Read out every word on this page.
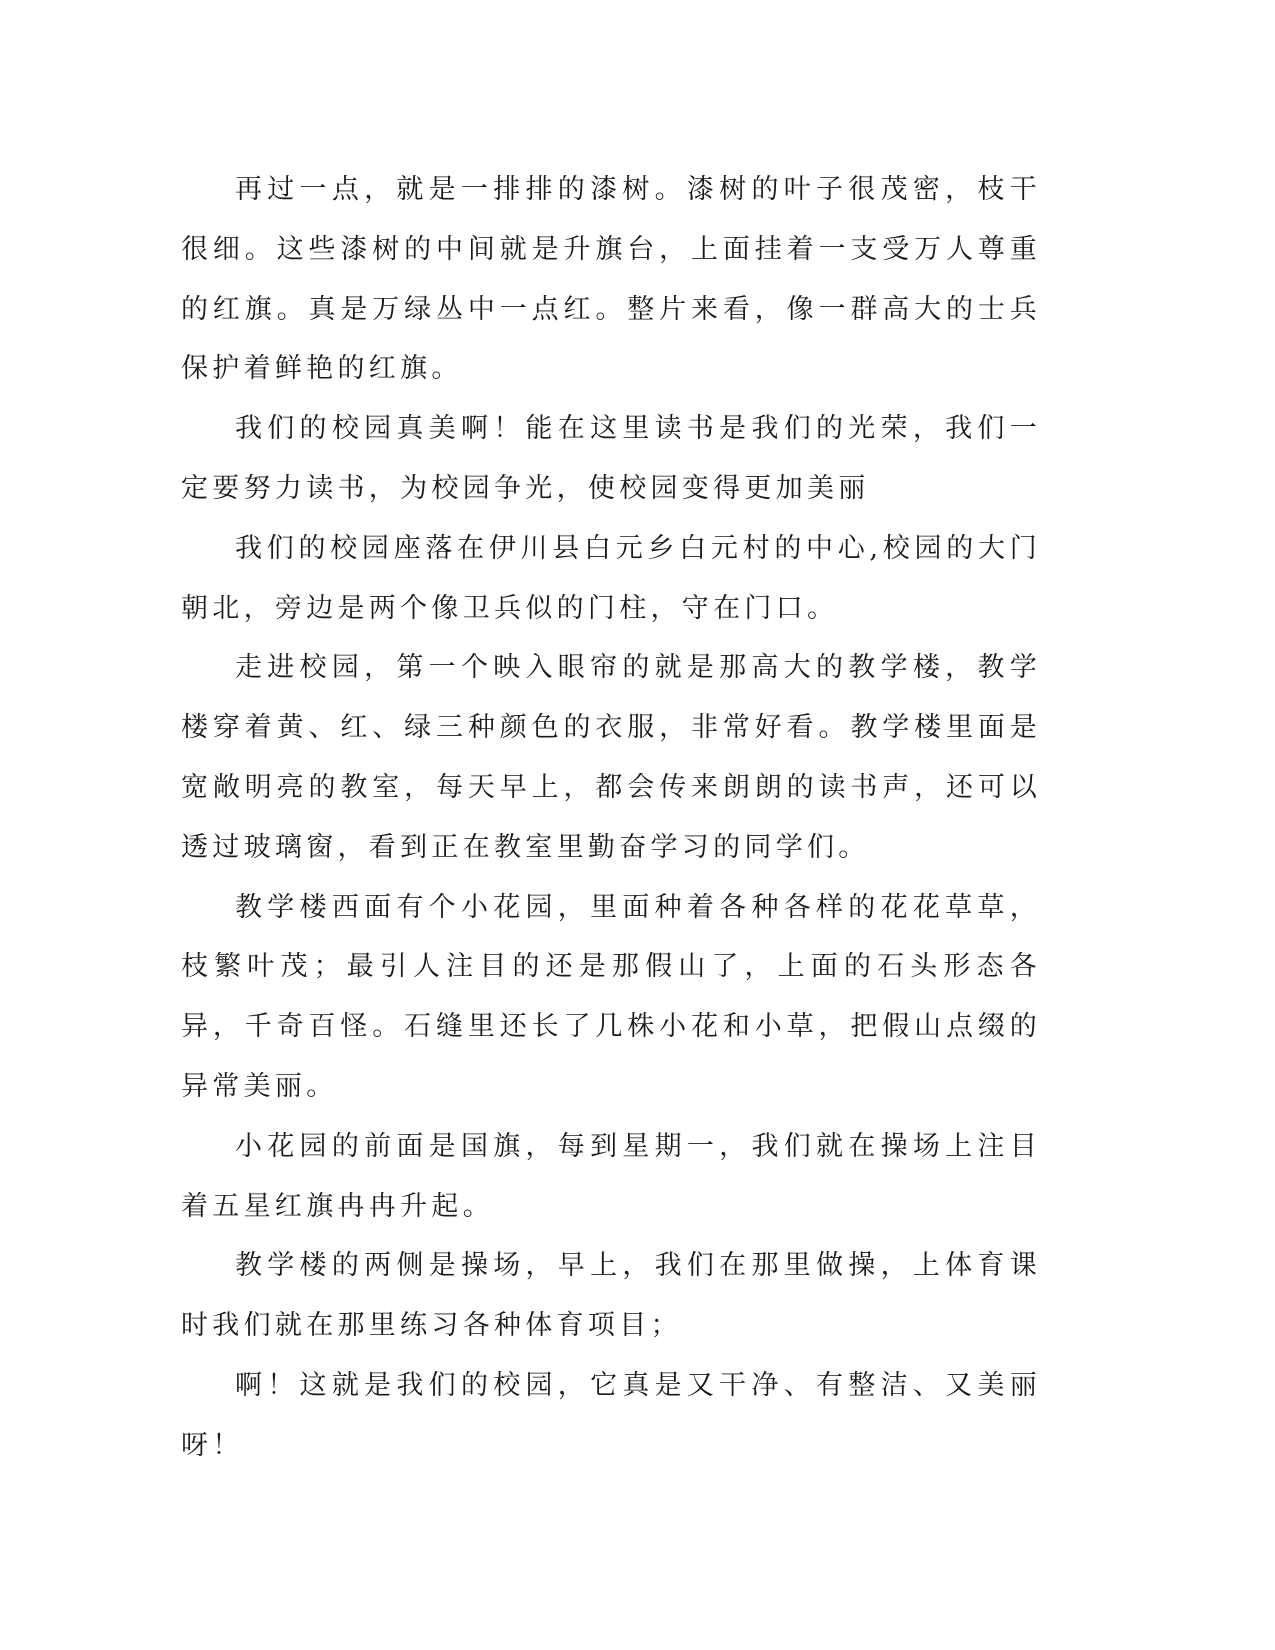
再过一点，就是一排排的漆树。漆树的叶子很茂密，枝干很细。这些漆树的中间就是升旗台，上面挂着一支受万人尊重的红旗。真是万绿丛中一点红。整片来看，像一群高大的士兵保护着鲜艳的红旗。

我们的校园真美啊！能在这里读书是我们的光荣，我们一定要努力读书，为校园争光，使校园变得更加美丽

我们的校园座落在伊川县白元乡白元村的中心,校园的大门朝北，旁边是两个像卫兵似的门柱，守在门口。

走进校园，第一个映入眼帘的就是那高大的教学楼，教学楼穿着黄、红、绿三种颜色的衣服，非常好看。教学楼里面是宽敞明亮的教室，每天早上，都会传来朗朗的读书声，还可以透过玻璃窗，看到正在教室里勤奋学习的同学们。

教学楼西面有个小花园，里面种着各种各样的花花草草，枝繁叶茂；最引人注目的还是那假山了，上面的石头形态各异，千奇百怪。石缝里还长了几株小花和小草，把假山点缀的异常美丽。

小花园的前面是国旗，每到星期一，我们就在操场上注目着五星红旗冉冉升起。

教学楼的两侧是操场，早上，我们在那里做操，上体育课时我们就在那里练习各种体育项目；

啊！这就是我们的校园，它真是又干净、有整洁、又美丽呀！
